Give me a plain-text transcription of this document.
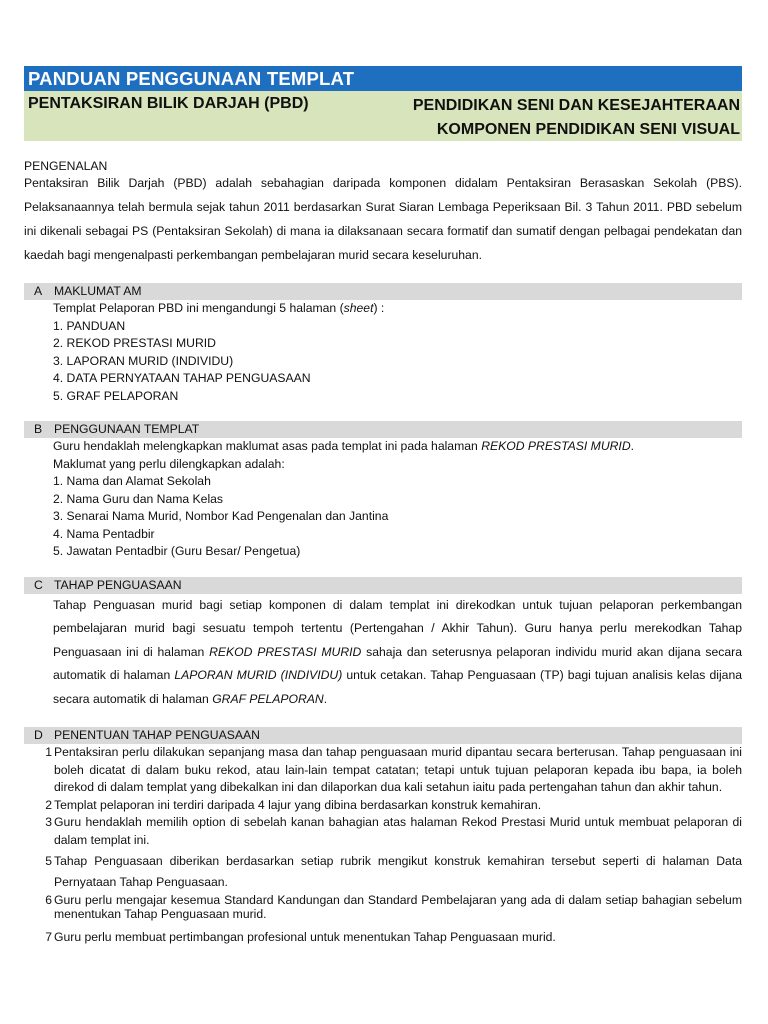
PANDUAN PENGGUNAAN TEMPLAT
PENTAKSIRAN BILIK DARJAH (PBD)	PENDIDIKAN SENI DAN KESEJAHTERAAN
KOMPONEN PENDIDIKAN SENI VISUAL
PENGENALAN
Pentaksiran Bilik Darjah (PBD) adalah sebahagian daripada komponen didalam Pentaksiran Berasaskan Sekolah (PBS). Pelaksanaannya telah bermula sejak tahun 2011 berdasarkan Surat Siaran Lembaga Peperiksaan Bil. 3 Tahun 2011. PBD sebelum ini dikenali sebagai PS (Pentaksiran Sekolah) di mana ia dilaksanaan secara formatif dan sumatif dengan pelbagai pendekatan dan kaedah bagi mengenalpasti perkembangan pembelajaran murid secara keseluruhan.
A MAKLUMAT AM
Templat Pelaporan PBD ini mengandungi 5 halaman (sheet) :
1. PANDUAN
2. REKOD PRESTASI MURID
3. LAPORAN MURID (INDIVIDU)
4. DATA PERNYATAAN TAHAP PENGUASAAN
5. GRAF PELAPORAN
B PENGGUNAAN TEMPLAT
Guru hendaklah melengkapkan maklumat asas pada templat ini pada halaman REKOD PRESTASI MURID.
Maklumat yang perlu dilengkapkan adalah:
1. Nama dan Alamat Sekolah
2. Nama Guru dan Nama Kelas
3. Senarai Nama Murid, Nombor Kad Pengenalan dan Jantina
4. Nama Pentadbir
5. Jawatan Pentadbir (Guru Besar/ Pengetua)
C TAHAP PENGUASAAN
Tahap Penguasan murid bagi setiap komponen di dalam templat ini direkodkan untuk tujuan pelaporan perkembangan pembelajaran murid bagi sesuatu tempoh tertentu (Pertengahan / Akhir Tahun). Guru hanya perlu merekodkan Tahap Penguasaan ini di halaman REKOD PRESTASI MURID sahaja dan seterusnya pelaporan individu murid akan dijana secara automatik di halaman LAPORAN MURID (INDIVIDU) untuk cetakan. Tahap Penguasaan (TP) bagi tujuan analisis kelas dijana secara automatik di halaman GRAF PELAPORAN.
D PENENTUAN TAHAP PENGUASAAN
1 Pentaksiran perlu dilakukan sepanjang masa dan tahap penguasaan murid dipantau secara berterusan. Tahap penguasaan ini boleh dicatat di dalam buku rekod, atau lain-lain tempat catatan; tetapi untuk tujuan pelaporan kepada ibu bapa, ia boleh direkod di dalam templat yang dibekalkan ini dan dilaporkan dua kali setahun iaitu pada pertengahan tahun dan akhir tahun.
2 Templat pelaporan ini terdiri daripada 4 lajur yang dibina berdasarkan konstruk kemahiran.
3 Guru hendaklah memilih option di sebelah kanan bahagian atas halaman Rekod Prestasi Murid untuk membuat pelaporan di dalam templat ini.
5 Tahap Penguasaan diberikan berdasarkan setiap rubrik mengikut konstruk kemahiran tersebut seperti di halaman Data Pernyataan Tahap Penguasaan.
6 Guru perlu mengajar kesemua Standard Kandungan dan Standard Pembelajaran yang ada di dalam setiap bahagian sebelum menentukan Tahap Penguasaan murid.
7 Guru perlu membuat pertimbangan profesional untuk menentukan Tahap Penguasaan murid.
